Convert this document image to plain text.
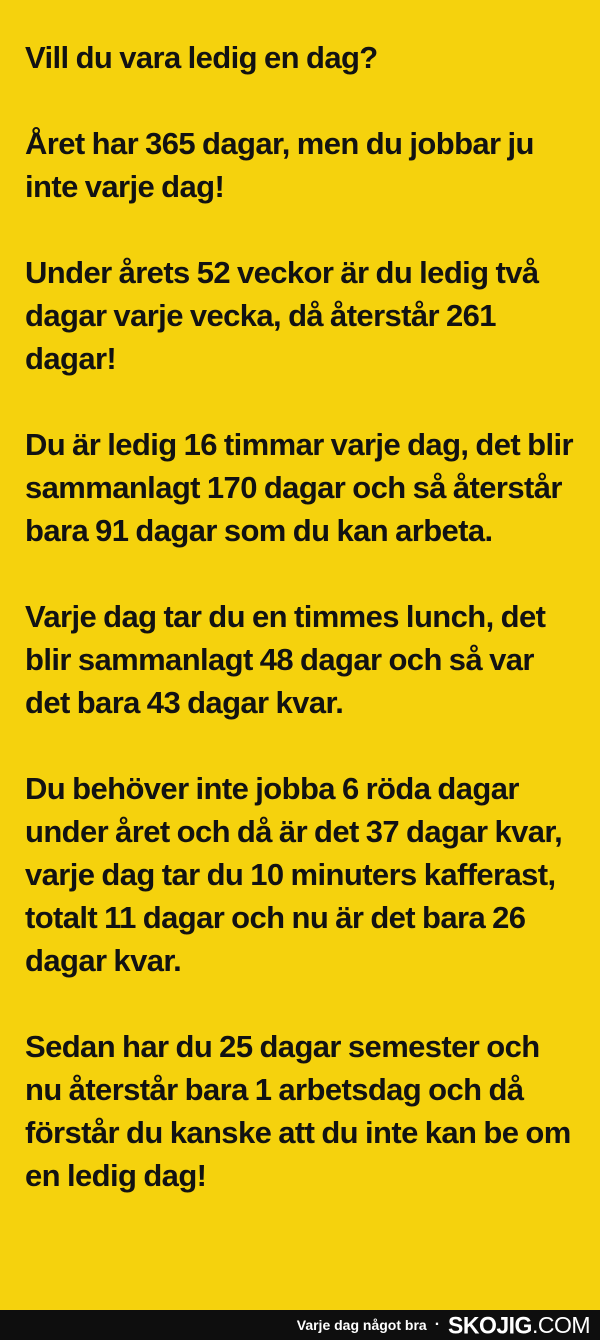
Vill du vara ledig en dag?

Året har 365 dagar, men du jobbar ju inte varje dag!

Under årets 52 veckor är du ledig två dagar varje vecka, då återstår 261 dagar!

Du är ledig 16 timmar varje dag, det blir sammanlagt 170 dagar och så återstår bara 91 dagar som du kan arbeta.

Varje dag tar du en timmes lunch, det blir sammanlagt 48 dagar och så var det bara 43 dagar kvar.

Du behöver inte jobba 6 röda dagar under året och då är det 37 dagar kvar, varje dag tar du 10 minuters kafferast, totalt 11 dagar och nu är det bara 26 dagar kvar.

Sedan har du 25 dagar semester och nu återstår bara 1 arbetsdag och då förstår du kanske att du inte kan be om en ledig dag!

Varje dag något bra · SKOJIG .COM
